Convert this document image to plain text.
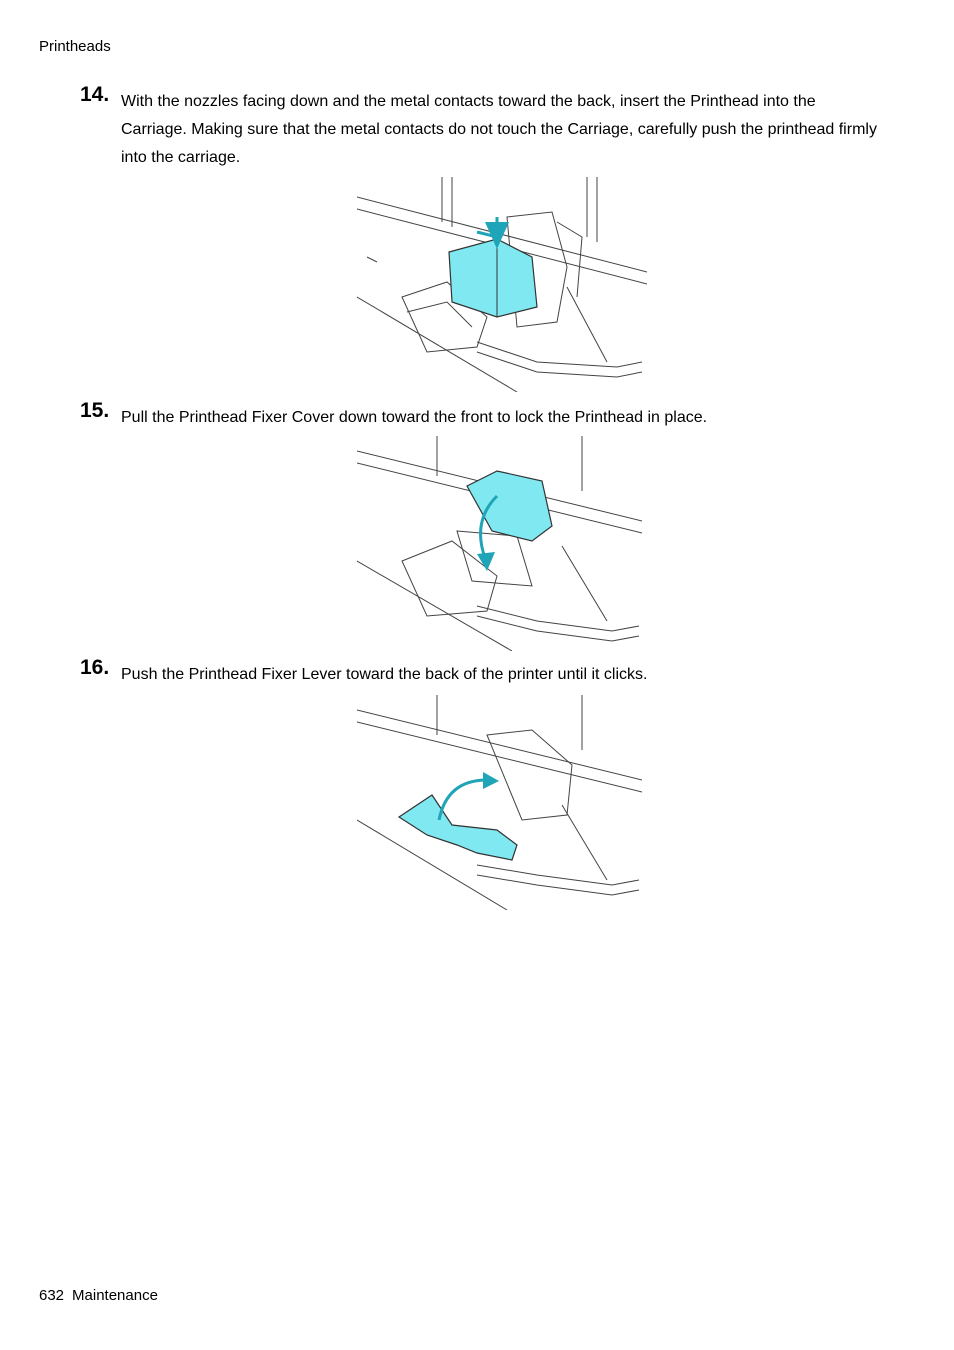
Printheads
14. With the nozzles facing down and the metal contacts toward the back, insert the Printhead into the Carriage. Making sure that the metal contacts do not touch the Carriage, carefully push the printhead firmly into the carriage.
15. Pull the Printhead Fixer Cover down toward the front to lock the Printhead in place.
16. Push the Printhead Fixer Lever toward the back of the printer until it clicks.
632 Maintenance
